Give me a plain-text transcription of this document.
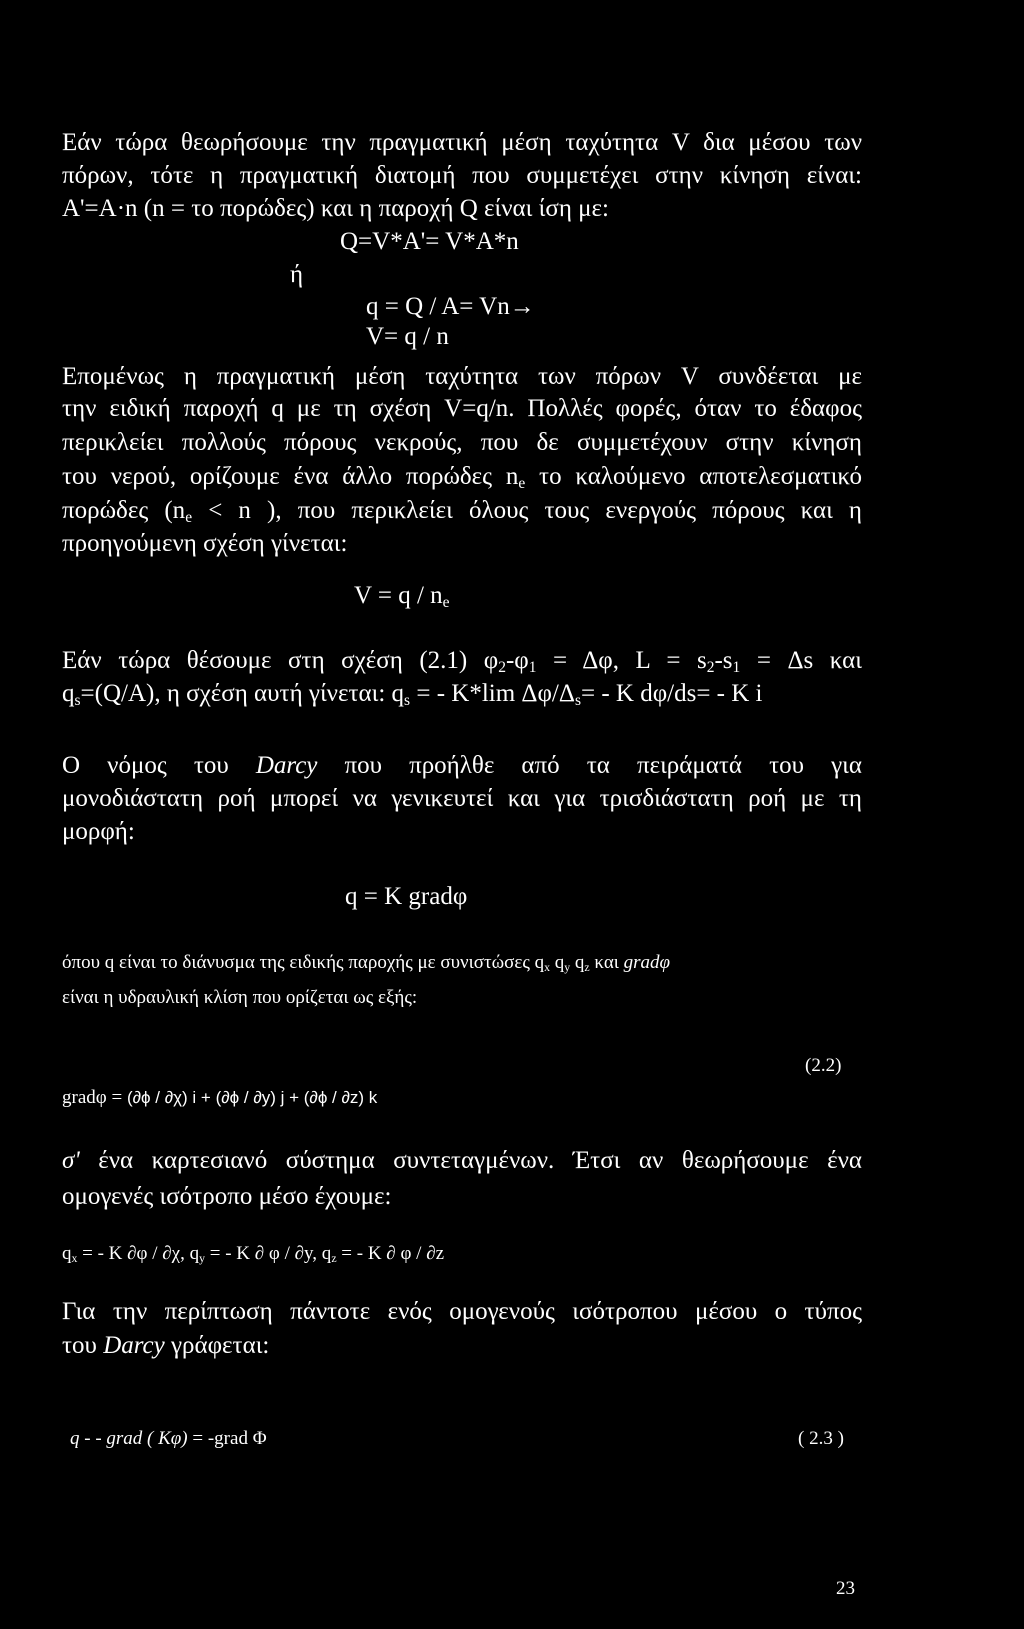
Εάν τώρα θεωρήσουμε την πραγματική μέση ταχύτητα V δια μέσου των
πόρων, τότε η πραγματική διατομή που συμμετέχει στην κίνηση είναι:
A'=A·n (n = το πορώδες) και η παροχή Q είναι ίση με:
Q=V*A'= V*A*n
ή
q = Q / A= Vn→
V= q / n
Επομένως η πραγματική μέση ταχύτητα των πόρων V συνδέεται με
την ειδική παροχή q με τη σχέση V=q/n. Πολλές φορές, όταν το έδαφος
περικλείει πολλούς πόρους νεκρούς, που δε συμμετέχουν στην κίνηση
του νερού, ορίζουμε ένα άλλο πορώδες $n_e$ το καλούμενο αποτελεσματικό
πορώδες ($n_e < n$ ), που περικλείει όλους τους ενεργούς πόρους και η
προηγούμενη σχέση γίνεται:
$V = q / n_e$
Εάν τώρα θέσουμε στη σχέση (2.1) $\varphi_2-\varphi_1 = \Delta\varphi$, $L = s_2-s_1 = \Delta s$ και
$q_s=(Q/A)$, η σχέση αυτή γίνεται: $q_s$ = - K*lim $\Delta\varphi/\Delta_s= - K$ dφ/ds= - K i
Ο νόμος του Darcy που προήλθε από τα πειράματά του για
μονοδιάστατη ροή μπορεί να γενικευτεί και για τρισδιάστατη ροή με τη
μορφή:
q = K gradφ
όπου q είναι το διάνυσμα της ειδικής παροχής με συνιστώσες $q_x$ $q_y$ $q_z$ και gradφ
είναι η υδραυλική κλίση που ορίζεται ως εξής:
(2.2)
gradφ = (∂ϕ / ∂χ) i + (∂ϕ / ∂y) j + (∂ϕ / ∂z) k
σ' ένα καρτεσιανό σύστημα συντεταγμένων. Έτσι αν θεωρήσουμε ένα
ομογενές ισότροπο μέσο έχουμε:
$q_x$ = - K ∂φ / ∂χ, $q_y$ = - K ∂ φ / ∂y, $q_z$ = - K ∂ φ / ∂z
Για την περίπτωση πάντοτε ενός ομογενούς ισότροπου μέσου ο τύπος
του Darcy γράφεται:
q - - grad ( Kφ) = -grad Φ	( 2.3 )
23
